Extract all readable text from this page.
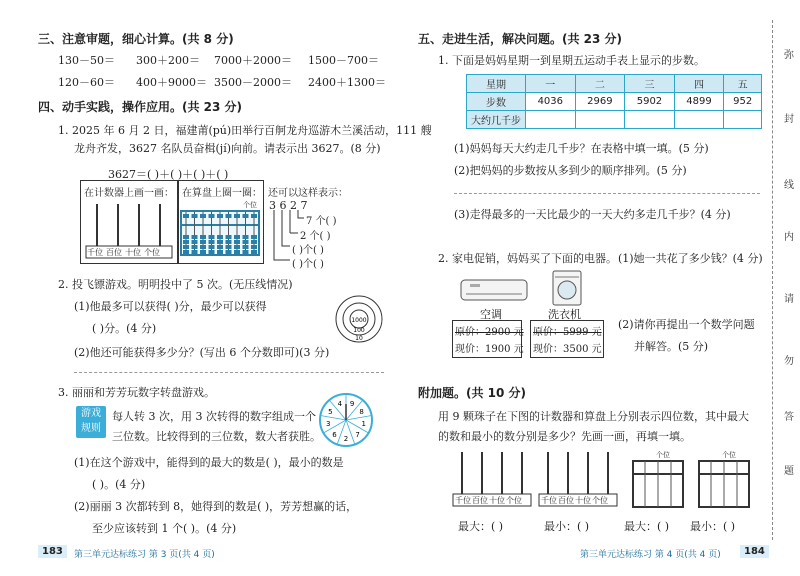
三、注意审题，细心计算。(共 8 分)
130－50＝ 300＋200＝ 7000＋2000＝ 1500－700＝
120－60＝ 400＋9000＝ 3500－2000＝ 2400＋1300＝
四、动手实践，操作应用。(共 23 分)
1. 2025 年 6 月 2 日，福建莆(pú)田举行百舸龙舟巡游木兰溪活动，111 艘
龙舟齐发，3627 名队员奋楫(jí)向前。请表示出 3627。(8 分)
3627＝( )＋( )＋( )＋( )
在计数器上画一画：
千位 百位 十位 个位
在算盘上圈一圈：
个位
还可以这样表示：
3 6 2 7
7 个( )
2 个( )
( )个( )
( )个( )
2. 投飞镖游戏。明明投中了 5 次。(无压线情况)
(1)他最多可以获得( )分，最少可以获得
( )分。(4 分)
(2)他还可能获得多少分？(写出 6 个分数即可)(3 分)
1000
100
10
3. 丽丽和芳芳玩数字转盘游戏。
游戏
规则
每人转 3 次，用 3 次转得的数字组成一个
三位数。比较得到的三位数，数大者获胜。
9
8
1
7
2
6
3
5
4
(1)在这个游戏中，能得到的最大的数是( )，最小的数是
( )。(4 分)
(2)丽丽 3 次都转到 8，她得到的数是( )，芳芳想赢的话，
至少应该转到 1 个( )。(4 分)
183	第三单元达标练习 第 3 页(共 4 页)
五、走进生活，解决问题。(共 23 分)
1. 下面是妈妈星期一到星期五运动手表上显示的步数。
星期	一	二	三	四	五
步数	4036	2969	5902	4899	952
大约几千步					
(1)妈妈每天大约走几千步？在表格中填一填。(5 分)
(2)把妈妈的步数按从多到少的顺序排列。(5 分)
(3)走得最多的一天比最少的一天大约多走几千步？(4 分)
2. 家电促销，妈妈买了下面的电器。 (1)她一共花了多少钱？(4 分)
空调
原价：2900 元
现价：1900 元
洗衣机
原价：5999 元
现价：3500 元
(2)请你再提出一个数学问题
并解答。(5 分)
附加题。(共 10 分)
用 9 颗珠子在下图的计数器和算盘上分别表示四位数，其中最大
的数和最小的数分别是多少？先画一画，再填一填。
千位百位十位个位 千位百位十位个位
个位	个位
最大：( )	最小：( )	最大：( ) 最小：( )
第三单元达标练习 第 4 页(共 4 页)	184
弥
封
线
内
请
勿
答
题
